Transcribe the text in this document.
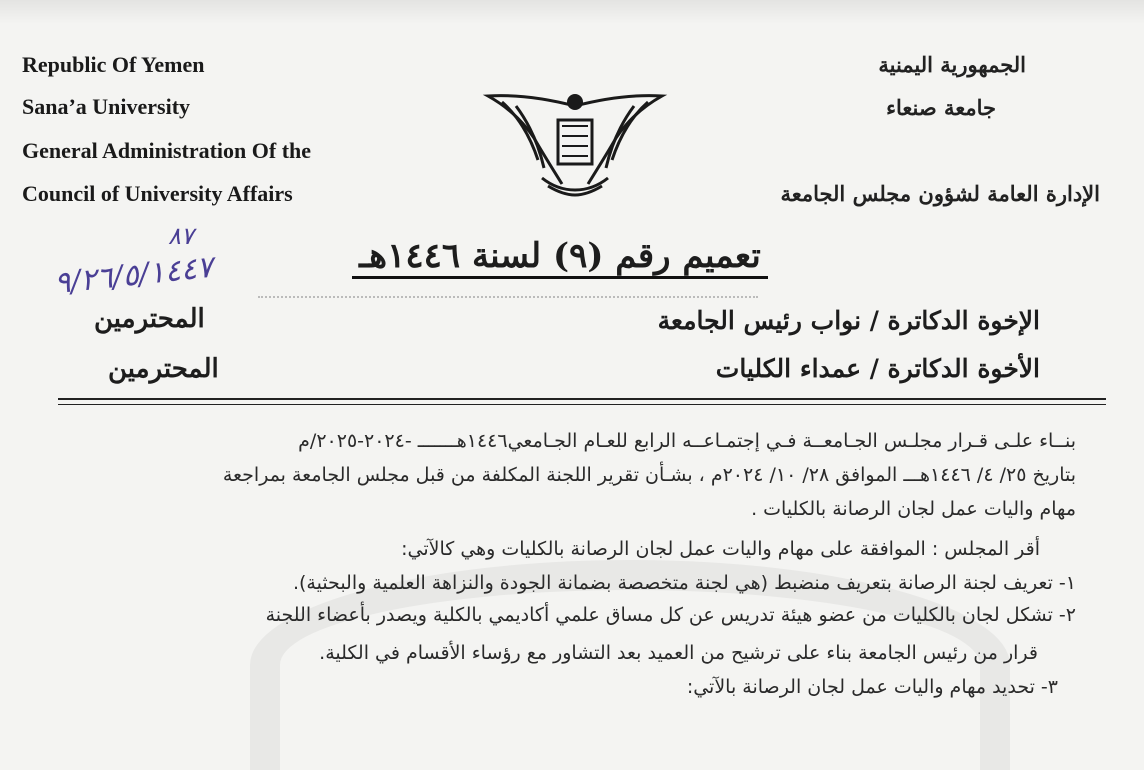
Republic Of Yemen
Sana’a University
General Administration Of the
Council of University Affairs
الجمهورية اليمنية
جامعة صنعاء
الإدارة العامة لشؤون مجلس الجامعة
٨٧
٩/٢٦/٥/١٤٤٧	تعميم رقم (٩) لسنة ١٤٤٦هـ
الإخوة الدكاترة / نواب رئيس الجامعة
المحترمين
الأخوة الدكاترة / عمداء الكليات
المحترمين
بنــاء علـى قـرار مجلـس الجـامعــة فـي إجتمـاعــه الرابع للعـام الجـامعي١٤٤٦هـــــــ -٢٠٢٤-٢٠٢٥/م
بتاريخ ٢٥/ ٤/ ١٤٤٦هـــ الموافق ٢٨/ ١٠/ ٢٠٢٤م ، بشـأن تقرير اللجنة المكلفة من قبل مجلس الجامعة بمراجعة
مهام واليات عمل لجان الرصانة بالكليات .
أقر المجلس : الموافقة على مهام واليات عمل لجان الرصانة بالكليات وهي كالآتي:
١- تعريف لجنة الرصانة بتعريف منضبط (هي لجنة متخصصة بضمانة الجودة والنزاهة العلمية والبحثية).
٢- تشكل لجان بالكليات من عضو هيئة تدريس عن كل مساق علمي أكاديمي بالكلية ويصدر بأعضاء اللجنة
قرار من رئيس الجامعة بناء على ترشيح من العميد بعد التشاور مع رؤساء الأقسام في الكلية.
٣- تحديد مهام واليات عمل لجان الرصانة بالآتي:
